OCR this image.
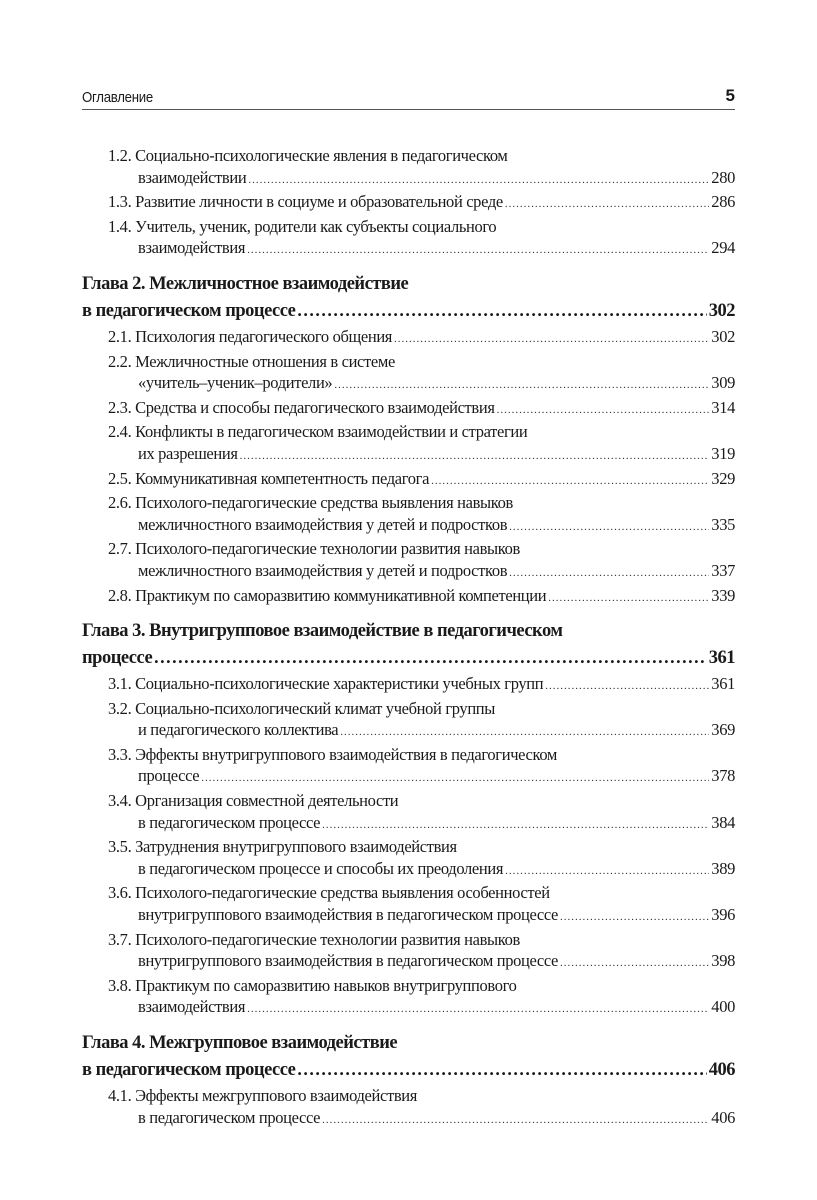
Оглавление	5
1.2. Социально-психологические явления в педагогическом
взаимодействии .....	280
1.3. Развитие личности в социуме и образовательной среде .....	286
1.4. Учитель, ученик, родители как субъекты социального
взаимодействия .....	294
Глава 2. Межличностное взаимодействие
в педагогическом процессе .....	302
2.1. Психология педагогического общения .....	302
2.2. Межличностные отношения в системе
«учитель–ученик–родители» .....	309
2.3. Средства и способы педагогического взаимодействия .....	314
2.4. Конфликты в педагогическом взаимодействии и стратегии
их разрешения .....	319
2.5. Коммуникативная компетентность педагога .....	329
2.6. Психолого-педагогические средства выявления навыков
межличностного взаимодействия у детей и подростков .....	335
2.7. Психолого-педагогические технологии развития навыков
межличностного взаимодействия у детей и подростков .....	337
2.8. Практикум по саморазвитию коммуникативной компетенции .....	339
Глава 3. Внутригрупповое взаимодействие в педагогическом
процессе .....	361
3.1. Социально-психологические характеристики учебных групп .....	361
3.2. Социально-психологический климат учебной группы
и педагогического коллектива .....	369
3.3. Эффекты внутригруппового взаимодействия в педагогическом
процессе .....	378
3.4. Организация совместной деятельности
в педагогическом процессе .....	384
3.5. Затруднения внутригруппового взаимодействия
в педагогическом процессе и способы их преодоления .....	389
3.6. Психолого-педагогические средства выявления особенностей
внутригруппового взаимодействия в педагогическом процессе .....	396
3.7. Психолого-педагогические технологии развития навыков
внутригруппового взаимодействия в педагогическом процессе .....	398
3.8. Практикум по саморазвитию навыков внутригруппового
взаимодействия .....	400
Глава 4. Межгрупповое взаимодействие
в педагогическом процессе .....	406
4.1. Эффекты межгруппового взаимодействия
в педагогическом процессе .....	406
